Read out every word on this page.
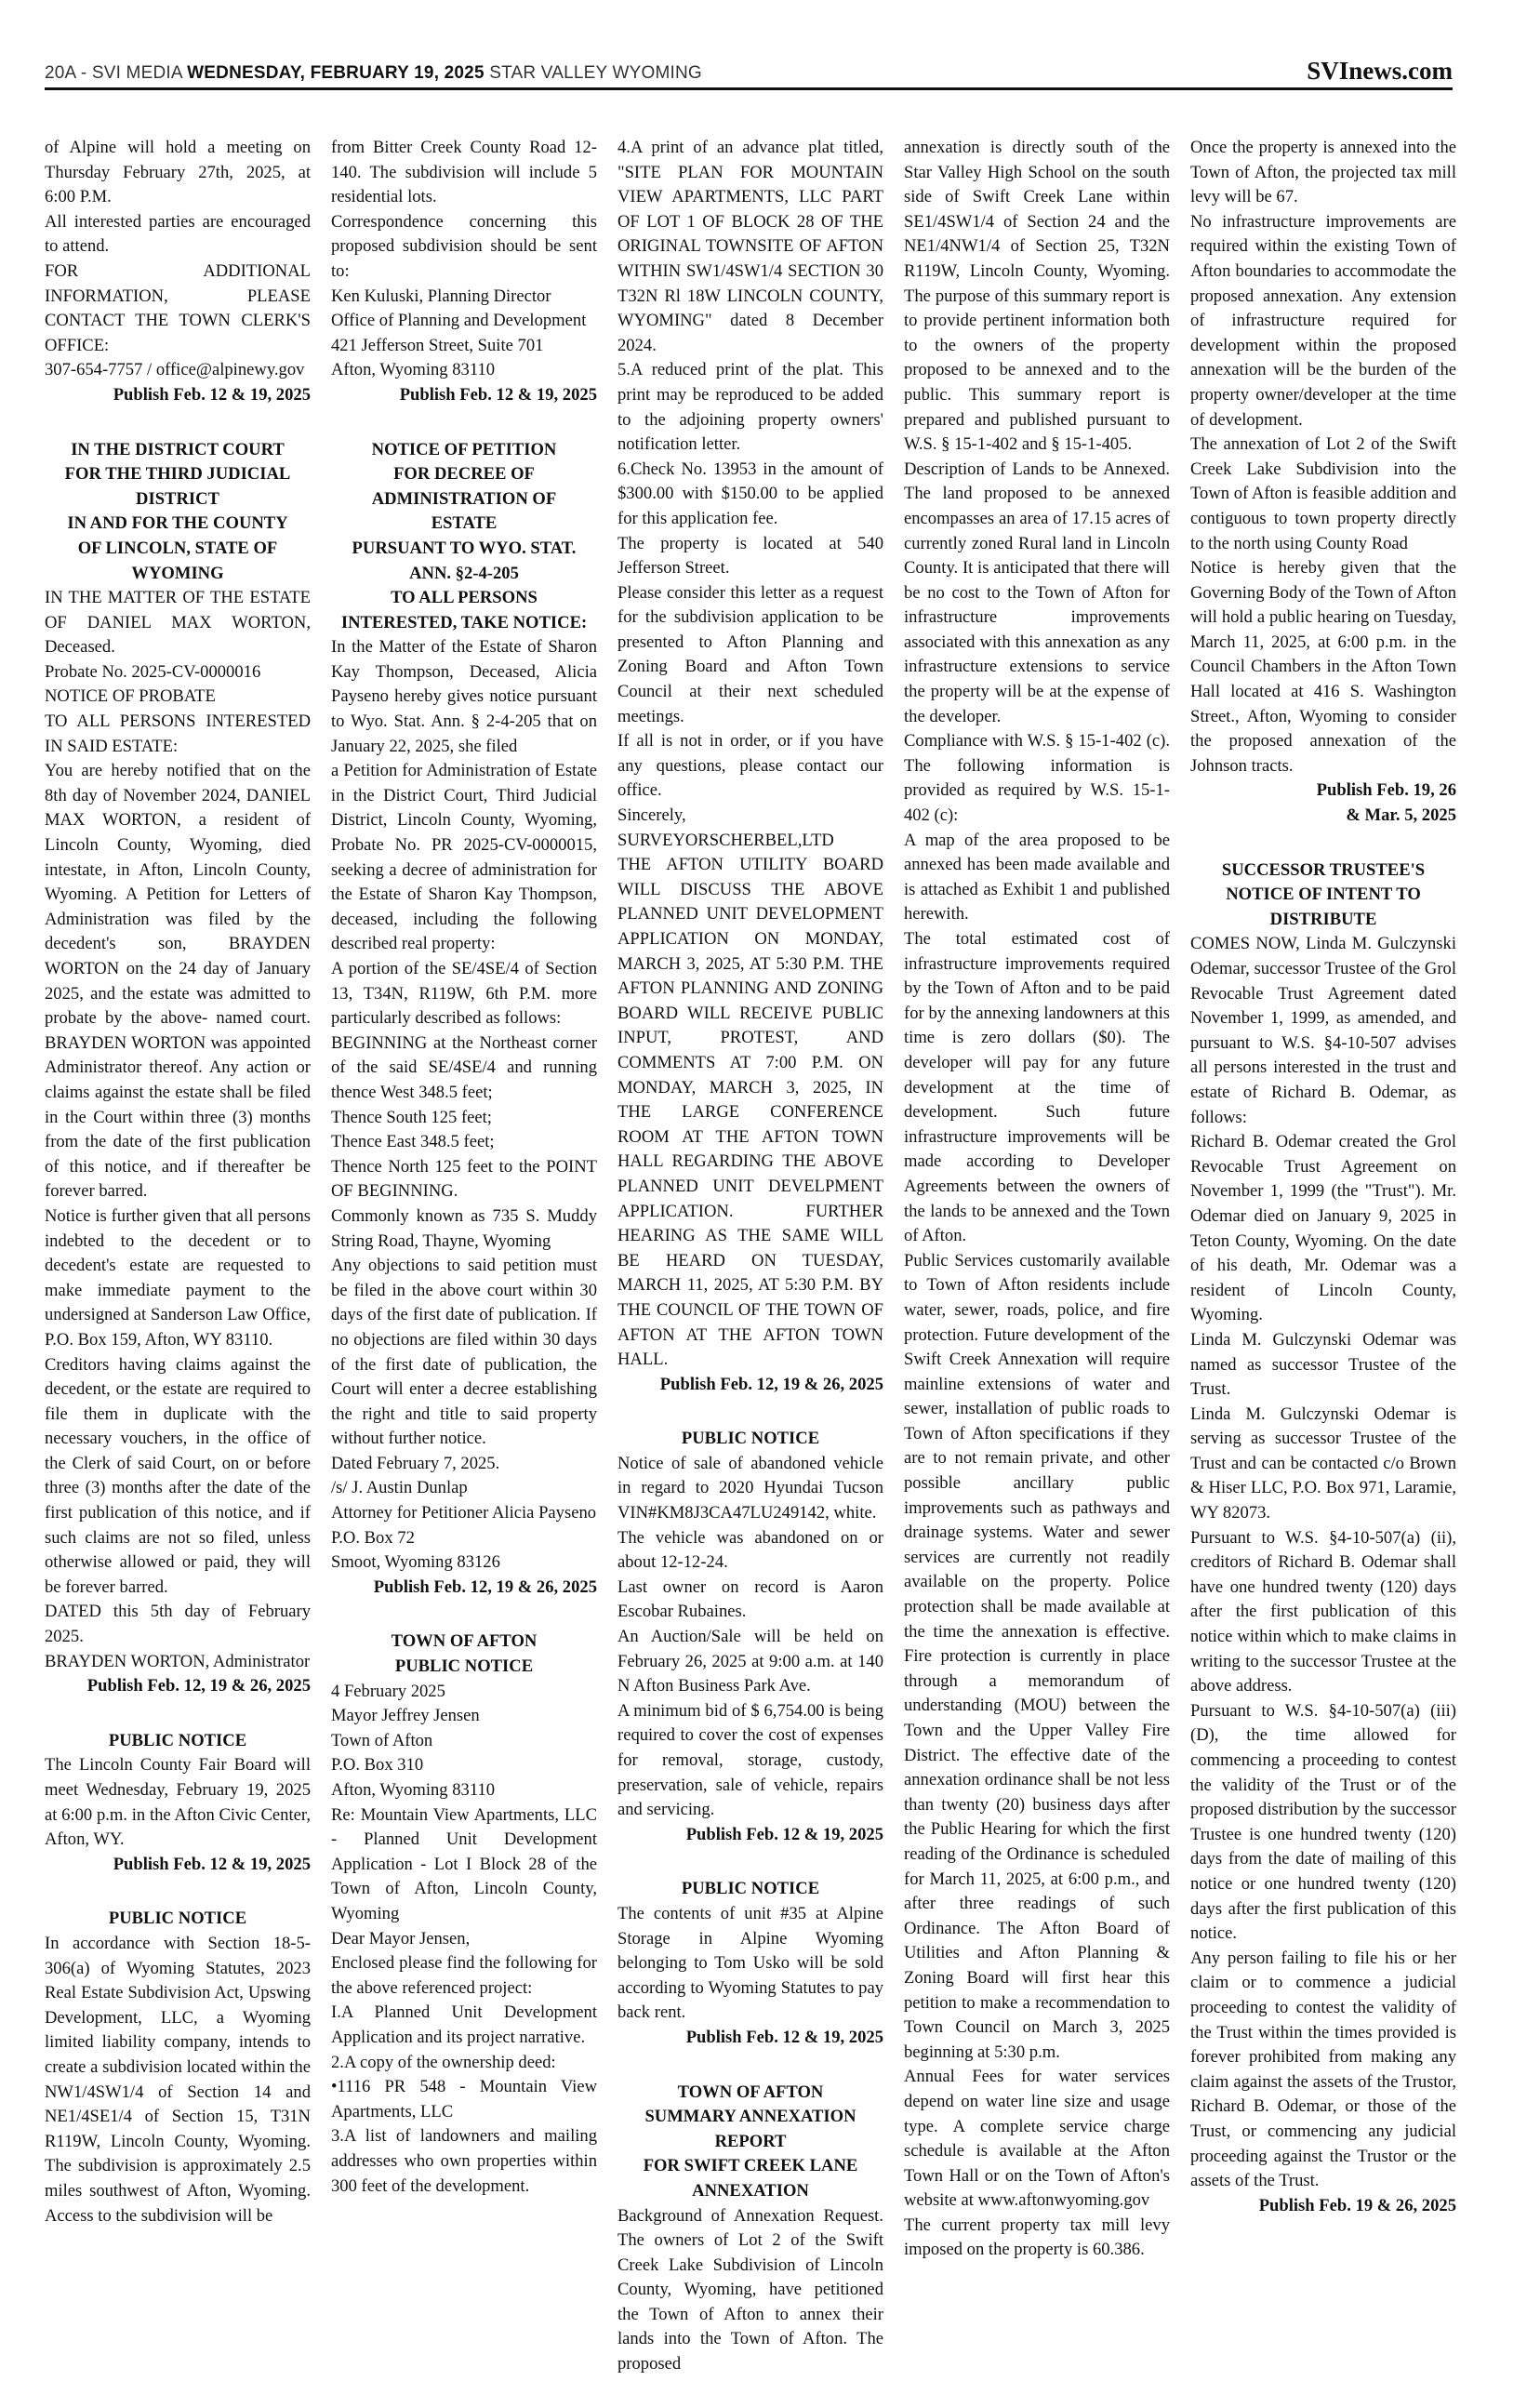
20A - SVI MEDIA WEDNESDAY, FEBRUARY 19, 2025 STAR VALLEY WYOMING	SVInews.com

of Alpine will hold a meeting on Thursday February 27th, 2025, at 6:00 P.M.

All interested parties are encouraged to attend.

FOR ADDITIONAL INFORMATION, PLEASE CONTACT THE TOWN CLERK'S OFFICE:

307-654-7757 / office@alpinewy.gov

Publish Feb. 12 & 19, 2025

IN THE DISTRICT COURT

FOR THE THIRD JUDICIAL

DISTRICT

IN AND FOR THE COUNTY

OF LINCOLN, STATE OF

WYOMING

IN THE MATTER OF THE ESTATE OF DANIEL MAX WORTON, Deceased.

Probate No. 2025-CV-0000016

NOTICE OF PROBATE

TO ALL PERSONS INTERESTED IN SAID ESTATE:

You are hereby notified that on the 8th day of November 2024, DANIEL MAX WORTON, a resident of Lincoln County, Wyoming, died intestate, in Afton, Lincoln County, Wyoming. A Petition for Letters of Administration was filed by the decedent's son, BRAYDEN WORTON on the 24 day of January 2025, and the estate was admitted to probate by the above- named court. BRAYDEN WORTON was appointed Administrator thereof. Any action or claims against the estate shall be filed in the Court within three (3) months from the date of the first publication of this notice, and if thereafter be forever barred.

Notice is further given that all persons indebted to the decedent or to decedent's estate are requested to make immediate payment to the undersigned at Sanderson Law Office, P.O. Box 159, Afton, WY 83110.

Creditors having claims against the decedent, or the estate are required to file them in duplicate with the necessary vouchers, in the office of the Clerk of said Court, on or before three (3) months after the date of the first publication of this notice, and if such claims are not so filed, unless otherwise allowed or paid, they will be forever barred.

DATED this 5th day of February 2025.

BRAYDEN WORTON, Administrator

Publish Feb. 12, 19 & 26, 2025

PUBLIC NOTICE

The Lincoln County Fair Board will meet Wednesday, February 19, 2025 at 6:00 p.m. in the Afton Civic Center, Afton, WY.

Publish Feb. 12 & 19, 2025

PUBLIC NOTICE

In accordance with Section 18-5-306(a) of Wyoming Statutes, 2023 Real Estate Subdivision Act, Upswing Development, LLC, a Wyoming limited liability company, intends to create a subdivision located within the NW1/4SW1/4 of Section 14 and NE1/4SE1/4 of Section 15, T31N R119W, Lincoln County, Wyoming. The subdivision is approximately 2.5 miles southwest of Afton, Wyoming. Access to the subdivision will be

from Bitter Creek County Road 12-140. The subdivision will include 5 residential lots.

Correspondence concerning this proposed subdivision should be sent to:

Ken Kuluski, Planning Director

Office of Planning and Development

421 Jefferson Street, Suite 701

Afton, Wyoming 83110

Publish Feb. 12 & 19, 2025

NOTICE OF PETITION

FOR DECREE OF

ADMINISTRATION OF

ESTATE

PURSUANT TO WYO. STAT.

ANN. §2-4-205

TO ALL PERSONS

INTERESTED, TAKE NOTICE:

In the Matter of the Estate of Sharon Kay Thompson, Deceased, Alicia Payseno hereby gives notice pursuant to Wyo. Stat. Ann. § 2-4-205 that on January 22, 2025, she filed

a Petition for Administration of Estate in the District Court, Third Judicial District, Lincoln County, Wyoming, Probate No. PR 2025-CV-0000015, seeking a decree of administration for the Estate of Sharon Kay Thompson, deceased, including the following described real property:

A portion of the SE/4SE/4 of Section 13, T34N, R119W, 6th P.M. more particularly described as follows:

BEGINNING at the Northeast corner of the said SE/4SE/4 and running thence West 348.5 feet;

Thence South 125 feet;

Thence East 348.5 feet;

Thence North 125 feet to the POINT OF BEGINNING.

Commonly known as 735 S. Muddy String Road, Thayne, Wyoming

Any objections to said petition must be filed in the above court within 30 days of the first date of publication. If no objections are filed within 30 days of the first date of publication, the Court will enter a decree establishing the right and title to said property without further notice.

Dated February 7, 2025.

/s/ J. Austin Dunlap

Attorney for Petitioner Alicia Payseno

P.O. Box 72

Smoot, Wyoming 83126

Publish Feb. 12, 19 & 26, 2025

TOWN OF AFTON

PUBLIC NOTICE

4 February 2025

Mayor Jeffrey Jensen

Town of Afton

P.O. Box 310

Afton, Wyoming 83110

Re: Mountain View Apartments, LLC - Planned Unit Development Application - Lot I Block 28 of the Town of Afton, Lincoln County, Wyoming

Dear Mayor Jensen,

Enclosed please find the following for the above referenced project:

I.A Planned Unit Development Application and its project narrative.

2.A copy of the ownership deed:

•1116 PR 548 - Mountain View Apartments, LLC

3.A list of landowners and mailing addresses who own properties within 300 feet of the development.

4.A print of an advance plat titled, "SITE PLAN FOR MOUNTAIN VIEW APARTMENTS, LLC PART OF LOT 1 OF BLOCK 28 OF THE ORIGINAL TOWNSITE OF AFTON WITHIN SW1/4SW1/4 SECTION 30 T32N Rl 18W LINCOLN COUNTY, WYOMING" dated 8 December 2024.

5.A reduced print of the plat. This print may be reproduced to be added to the adjoining property owners' notification letter.

6.Check No. 13953 in the amount of $300.00 with $150.00 to be applied for this application fee.

The property is located at 540 Jefferson Street.

Please consider this letter as a request for the subdivision application to be presented to Afton Planning and Zoning Board and Afton Town Council at their next scheduled meetings.

If all is not in order, or if you have any questions, please contact our office.

Sincerely,

SURVEYORSCHERBEL,LTD

THE AFTON UTILITY BOARD WILL DISCUSS THE ABOVE PLANNED UNIT DEVELOPMENT APPLICATION ON MONDAY, MARCH 3, 2025, AT 5:30 P.M. THE AFTON PLANNING AND ZONING BOARD WILL RECEIVE PUBLIC INPUT, PROTEST, AND COMMENTS AT 7:00 P.M. ON MONDAY, MARCH 3, 2025, IN THE LARGE CONFERENCE ROOM AT THE AFTON TOWN HALL REGARDING THE ABOVE PLANNED UNIT DEVELPMENT APPLICATION. FURTHER HEARING AS THE SAME WILL BE HEARD ON TUESDAY, MARCH 11, 2025, AT 5:30 P.M. BY THE COUNCIL OF THE TOWN OF AFTON AT THE AFTON TOWN HALL.

Publish Feb. 12, 19 & 26, 2025

PUBLIC NOTICE

Notice of sale of abandoned vehicle in regard to 2020 Hyundai Tucson VIN#KM8J3CA47LU249142, white.

The vehicle was abandoned on or about 12-12-24.

Last owner on record is Aaron Escobar Rubaines.

An Auction/Sale will be held on February 26, 2025 at 9:00 a.m. at 140 N Afton Business Park Ave.

A minimum bid of $ 6,754.00 is being required to cover the cost of expenses for removal, storage, custody, preservation, sale of vehicle, repairs and servicing.

Publish Feb. 12 & 19, 2025

PUBLIC NOTICE

The contents of unit #35 at Alpine Storage in Alpine Wyoming belonging to Tom Usko will be sold according to Wyoming Statutes to pay back rent.

Publish Feb. 12 & 19, 2025

TOWN OF AFTON

SUMMARY ANNEXATION

REPORT

FOR SWIFT CREEK LANE

ANNEXATION

Background of Annexation Request. The owners of Lot 2 of the Swift Creek Lake Subdivision of Lincoln County, Wyoming, have petitioned the Town of Afton to annex their lands into the Town of Afton. The proposed

annexation is directly south of the Star Valley High School on the south side of Swift Creek Lane within SE1/4SW1/4 of Section 24 and the NE1/4NW1/4 of Section 25, T32N R119W, Lincoln County, Wyoming. The purpose of this summary report is to provide pertinent information both to the owners of the property proposed to be annexed and to the public. This summary report is prepared and published pursuant to W.S. § 15-1-402 and § 15-1-405.

Description of Lands to be Annexed. The land proposed to be annexed encompasses an area of 17.15 acres of currently zoned Rural land in Lincoln County. It is anticipated that there will be no cost to the Town of Afton for infrastructure improvements associated with this annexation as any infrastructure extensions to service the property will be at the expense of the developer.

Compliance with W.S. § 15-1-402 (c). The following information is provided as required by W.S. 15-1-402 (c):

A map of the area proposed to be annexed has been made available and is attached as Exhibit 1 and published herewith.

The total estimated cost of infrastructure improvements required by the Town of Afton and to be paid for by the annexing landowners at this time is zero dollars ($0). The developer will pay for any future development at the time of development. Such future infrastructure improvements will be made according to Developer Agreements between the owners of the lands to be annexed and the Town of Afton.

Public Services customarily available to Town of Afton residents include water, sewer, roads, police, and fire protection. Future development of the Swift Creek Annexation will require mainline extensions of water and sewer, installation of public roads to Town of Afton specifications if they are to not remain private, and other possible ancillary public improvements such as pathways and drainage systems. Water and sewer services are currently not readily available on the property. Police protection shall be made available at the time the annexation is effective. Fire protection is currently in place through a memorandum of understanding (MOU) between the Town and the Upper Valley Fire District. The effective date of the annexation ordinance shall be not less than twenty (20) business days after the Public Hearing for which the first reading of the Ordinance is scheduled for March 11, 2025, at 6:00 p.m., and after three readings of such Ordinance. The Afton Board of Utilities and Afton Planning & Zoning Board will first hear this petition to make a recommendation to Town Council on March 3, 2025 beginning at 5:30 p.m.

Annual Fees for water services depend on water line size and usage type. A complete service charge schedule is available at the Afton Town Hall or on the Town of Afton's website at www.aftonwyoming.gov

The current property tax mill levy imposed on the property is 60.386.

Once the property is annexed into the Town of Afton, the projected tax mill levy will be 67.

No infrastructure improvements are required within the existing Town of Afton boundaries to accommodate the proposed annexation. Any extension of infrastructure required for development within the proposed annexation will be the burden of the property owner/developer at the time of development.

The annexation of Lot 2 of the Swift Creek Lake Subdivision into the Town of Afton is feasible addition and contiguous to town property directly to the north using County Road

Notice is hereby given that the Governing Body of the Town of Afton will hold a public hearing on Tuesday, March 11, 2025, at 6:00 p.m. in the Council Chambers in the Afton Town Hall located at 416 S. Washington Street., Afton, Wyoming to consider the proposed annexation of the Johnson tracts.

Publish Feb. 19, 26

& Mar. 5, 2025

SUCCESSOR TRUSTEE'S

NOTICE OF INTENT TO

DISTRIBUTE

COMES NOW, Linda M. Gulczynski Odemar, successor Trustee of the Grol Revocable Trust Agreement dated November 1, 1999, as amended, and pursuant to W.S. §4-10-507 advises all persons interested in the trust and estate of Richard B. Odemar, as follows:

Richard B. Odemar created the Grol Revocable Trust Agreement on November 1, 1999 (the "Trust"). Mr. Odemar died on January 9, 2025 in Teton County, Wyoming. On the date of his death, Mr. Odemar was a resident of Lincoln County, Wyoming.

Linda M. Gulczynski Odemar was named as successor Trustee of the Trust.

Linda M. Gulczynski Odemar is serving as successor Trustee of the Trust and can be contacted c/o Brown & Hiser LLC, P.O. Box 971, Laramie, WY 82073.

Pursuant to W.S. §4-10-507(a) (ii), creditors of Richard B. Odemar shall have one hundred twenty (120) days after the first publication of this notice within which to make claims in writing to the successor Trustee at the above address.

Pursuant to W.S. §4-10-507(a) (iii)(D), the time allowed for commencing a proceeding to contest the validity of the Trust or of the proposed distribution by the successor Trustee is one hundred twenty (120) days from the date of mailing of this notice or one hundred twenty (120) days after the first publication of this notice.

Any person failing to file his or her claim or to commence a judicial proceeding to contest the validity of the Trust within the times provided is forever prohibited from making any claim against the assets of the Trustor, Richard B. Odemar, or those of the Trust, or commencing any judicial proceeding against the Trustor or the assets of the Trust.

Publish Feb. 19 & 26, 2025
